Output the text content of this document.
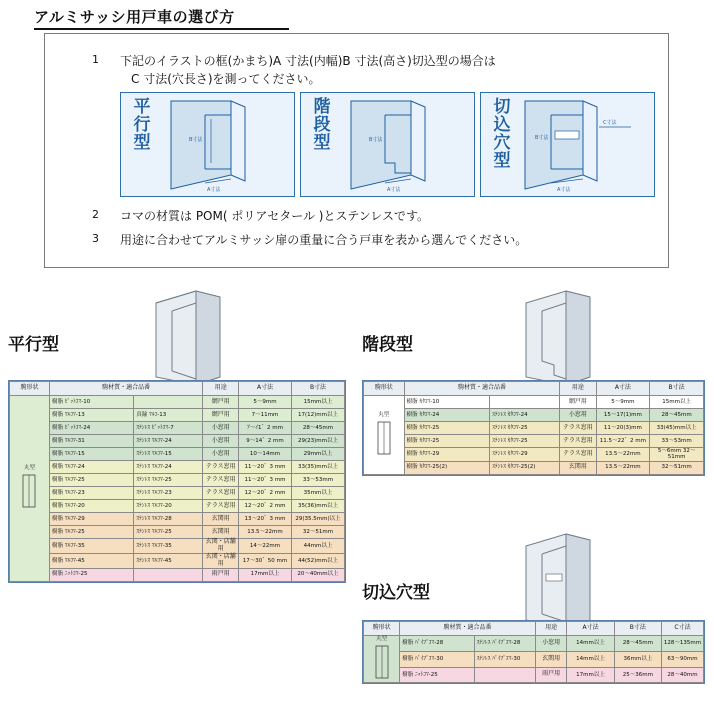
アルミサッシ用戸車の選び方
1 下記のイラストの框(かまち)A 寸法(内幅)B 寸法(高さ)切込型の場合は
C 寸法(穴長さ)を測ってください。
平行型	B寸法
A寸法
階段型	B寸法
A寸法
切込穴型
B寸法
C寸法
A寸法
2 コマの材質は POM( ポリアセタール )とステンレスです。
3 用途に合わせてアルミサッシ扉の重量に合う戸車を表から選んでください。
平行型	階段型
切込穴型
駒形状	駒材質・適合品番		用途	A寸法	B寸法

丸型	樹脂 ﾋﾟｯﾄｺﾏ-10		網戸用	5～9mm	15mm以上
	樹脂 ﾏﾙｺﾏ-13	真鍮 ﾏﾙｺ-13	網戸用	7～11mm	17(12)mm以上
	樹脂 ﾋﾟｯﾄｺﾏ-24	ｽﾃﾝﾚｽ ﾋﾟｯﾄｺﾏ-7	小窓用	ｱ～ｲ1゛2 mm	28～45mm
	樹脂 ﾏﾙｺﾏ-31	ｽﾃﾝﾚｽ ﾏﾙｺﾏ-24	小窓用	9～14゛2 mm	29(23)mm以上
	樹脂 ﾏﾙｺﾏ-15	ｽﾃﾝﾚｽ ﾏﾙｺﾏ-15	小窓用	10～14mm	29mm以上
	樹脂 ﾏﾙｺﾏ-24	ｽﾃﾝﾚｽ ﾏﾙｺﾏ-24	テラス窓用	11～20゛3 mm	33(35)mm以上
	樹脂 ﾏﾙｺﾏ-25	ｽﾃﾝﾚｽ ﾏﾙｺﾏ-25	テラス窓用	11～20゛3 mm	33～53mm
	樹脂 ﾏﾙｺﾏ-23	ｽﾃﾝﾚｽ ﾏﾙｺﾏ-23	テラス窓用	12～20゛2 mm	35mm以上
	樹脂 ﾏﾙｺﾏ-20	ｽﾃﾝﾚｽ ﾏﾙｺﾏ-20	テラス窓用	12～20゛2 mm	35(36)mm以上
	樹脂 ﾏﾙｺﾏ-29	ｽﾃﾝﾚｽ ﾏﾙｺﾏ-28	玄関用	13～20゛3 mm	29(35.5mm)以上
	樹脂 ﾏﾙｺﾏ-25	ｽﾃﾝﾚｽ ﾏﾙｺﾏ-25	玄関用	13.5～22mm	32～51mm
	樹脂 ﾏﾙｺﾏ-35	ｽﾃﾝﾚｽ ﾏﾙｺﾏ-35	玄関・店舗用	14～22mm	44mm以上
	樹脂 ﾏﾙｺﾏ-45	ｽﾃﾝﾚｽ ﾏﾙｺﾏ-45	玄関・店舗用	17～30゛50 mm	44(52)mm以上
	樹脂 ﾆｯﾄｺﾏ-25		雨戸用	17mm以上	20～40mm以上
駒形状	駒材質・適合品番		用途	A寸法	B寸法

丸型	樹脂 ｶﾀｺﾏ-10		網戸用	5～9mm	15mm以上
	樹脂 ｶﾀｺﾏ-24	ｽﾃﾝﾚｽ ｶﾀｺﾏ-24	小窓用	15～17(1)mm	28～45mm
	樹脂 ｶﾀｺﾏ-25	ｽﾃﾝﾚｽ ｶﾀｺﾏ-25	テラス窓用	11～20(3)mm	33(45)mm以上
	樹脂 ｶﾀｺﾏ-25	ｽﾃﾝﾚｽ ｶﾀｺﾏ-25	テラス窓用	11.5～22゛2 mm	33～53mm
	樹脂 ｶﾀｺﾏ-29	ｽﾃﾝﾚｽ ｶﾀｺﾏ-29	テラス窓用	13.5～22mm	5～6mm 32～51mm
	樹脂 ｶﾀｺﾏ-25(2)	ｽﾃﾝﾚｽ ｶﾀｺﾏ-25(2)	玄関用	13.5～22mm	32～51mm
駒形状	駒材質・適合品番		用途	A寸法	B寸法	C寸法

丸型	樹脂 ﾊﾟｲﾌﾟｺﾏ-28	ｽﾃﾝﾚｽ ﾊﾟｲﾌﾟｺﾏ-28	小窓用	14mm以上	28～45mm	128～135mm
	樹脂 ﾊﾟｲﾌﾟｺﾏ-30	ｽﾃﾝﾚｽ ﾊﾟｲﾌﾟｺﾏ-30	玄関用	14mm以上	36mm以上	63～90mm
	樹脂 ﾆｯﾄｺﾏ-25		雨戸用	17mm以上	25～36mm	28～40mm
